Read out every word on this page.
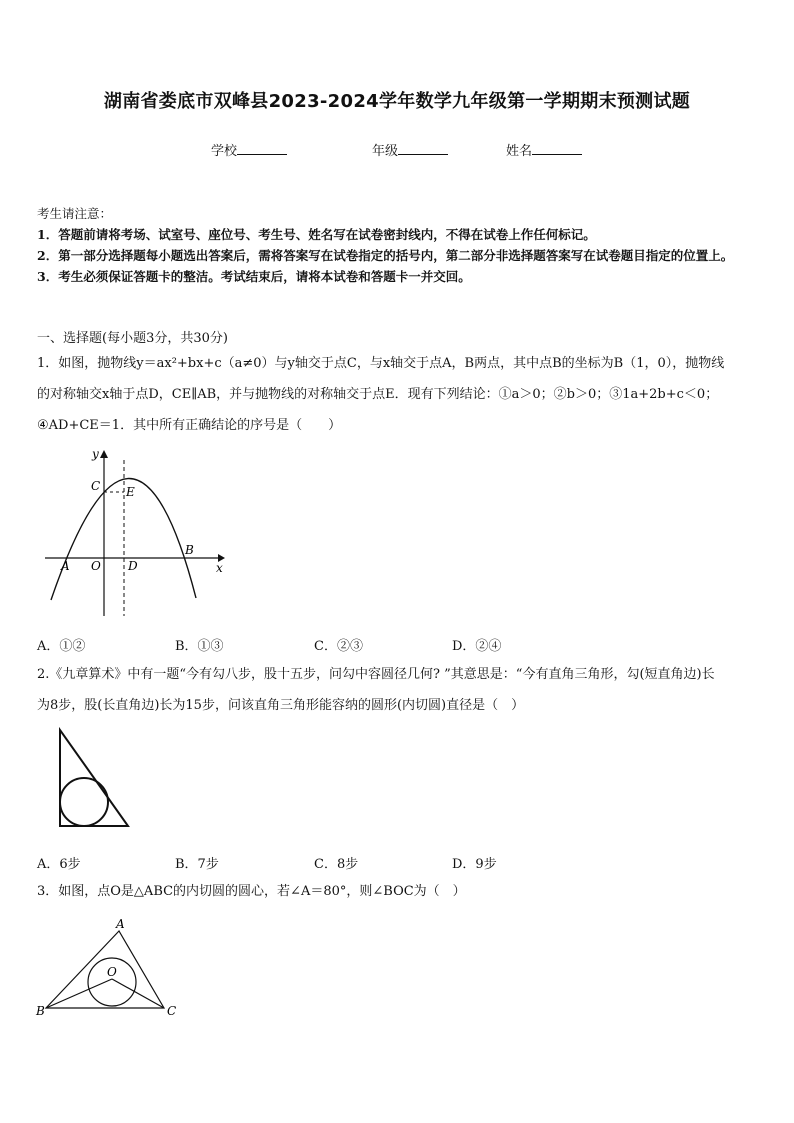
湖南省娄底市双峰县2023-2024学年数学九年级第一学期期末预测试题
学校	年级	姓名
考生请注意：
1．答题前请将考场、试室号、座位号、考生号、姓名写在试卷密封线内，不得在试卷上作任何标记。
2．第一部分选择题每小题选出答案后，需将答案写在试卷指定的括号内，第二部分非选择题答案写在试卷题目指定的位置上。
3．考生必须保证答题卡的整洁。考试结束后，请将本试卷和答题卡一并交回。
一、选择题(每小题3分，共30分)
1．如图，抛物线y＝ax²+bx+c（a≠0）与y轴交于点C，与x轴交于点A，B两点，其中点B的坐标为B（1，0），抛物线
的对称轴交x轴于点D，CE∥AB，并与抛物线的对称轴交于点E．现有下列结论：①a＞0；②b＞0；③1a+2b+c＜0；
④AD+CE＝1．其中所有正确结论的序号是（　　）
y
x
C E
A O D
B
A．①②	B．①③	C．②③	D．②④
2.《九章算术》中有一题“今有勾八步，股十五步，问勾中容圆径几何? ”其意思是：“今有直角三角形，勾(短直角边)长
为8步，股(长直角边)长为15步，问该直角三角形能容纳的圆形(内切圆)直径是（　）
A．6步	B．7步	C．8步	D．9步
3．如图，点O是△ABC的内切圆的圆心，若∠A＝80°，则∠BOC为（　）
A
B	C
O
